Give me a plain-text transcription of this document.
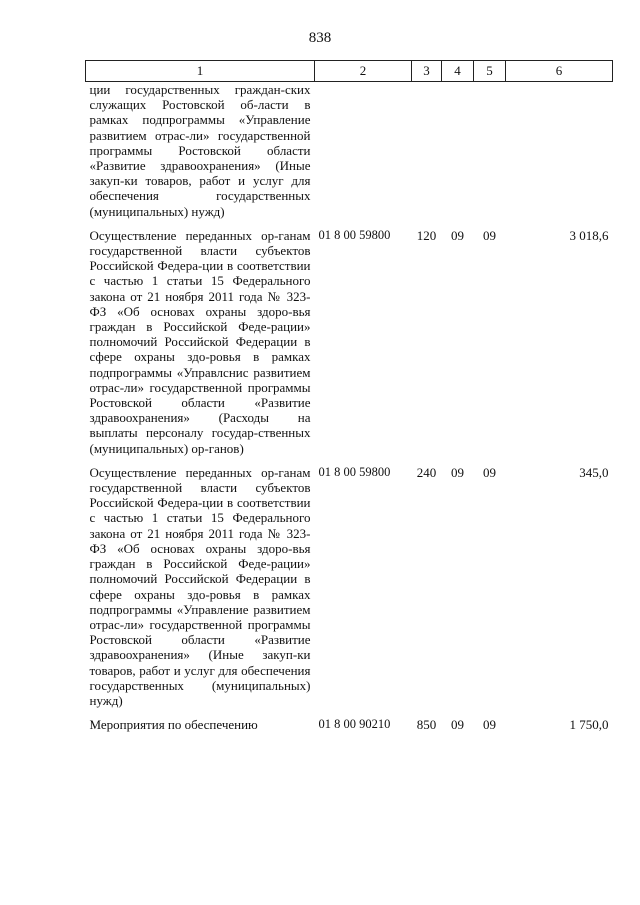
838
1	2	3	4	5	6
ции государственных граждан-ских служащих Ростовской об-ласти в рамках подпрограммы «Управление развитием отрас-ли» государственной программы Ростовской области «Развитие здравоохранения» (Иные закуп-ки товаров, работ и услуг для обеспечения государственных (муниципальных) нужд)					

Осуществление переданных ор-ганам государственной власти субъектов Российской Федера-ции в соответствии с частью 1 статьи 15 Федерального закона от 21 ноября 2011 года № 323-ФЗ «Об основах охраны здоро-вья граждан в Российской Феде-рации» полномочий Российской Федерации в сфере охраны здо-ровья в рамках подпрограммы «Управлснис развитием отрас-ли» государственной программы Ростовской области «Развитие здравоохранения» (Расходы на выплаты персоналу государ-ственных (муниципальных) ор-ганов)	01 8 00 59800	120	09	09	3 018,6

Осуществление переданных ор-ганам государственной власти субъектов Российской Федера-ции в соответствии с частью 1 статьи 15 Федерального закона от 21 ноября 2011 года № 323-ФЗ «Об основах охраны здоро-вья граждан в Российской Феде-рации» полномочий Российской Федерации в сфере охраны здо-ровья в рамках подпрограммы «Управление развитием отрас-ли» государственной программы Ростовской области «Развитие здравоохранения» (Иные закуп-ки товаров, работ и услуг для обеспечения государственных (муниципальных) нужд)	01 8 00 59800	240	09	09	345,0

Мероприятия по обеспечению	01 8 00 90210	850	09	09	1 750,0
